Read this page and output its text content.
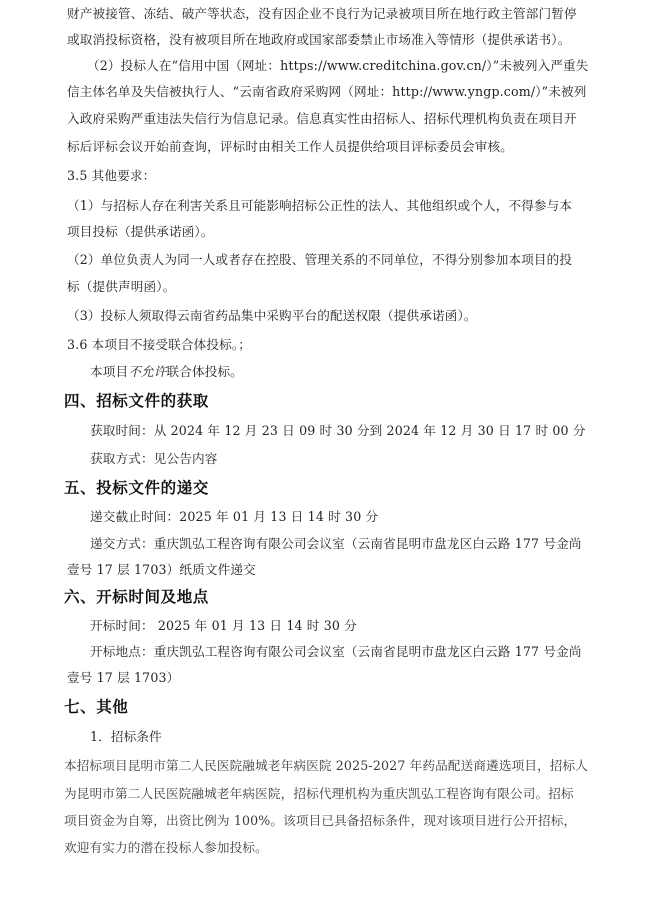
财产被接管、冻结、破产等状态，没有因企业不良行为记录被项目所在地行政主管部门暂停
或取消投标资格，没有被项目所在地政府或国家部委禁止市场准入等情形（提供承诺书）。
（2）投标人在“信用中国（网址：https://www.creditchina.gov.cn/）”未被列入严重失
信主体名单及失信被执行人、“云南省政府采购网（网址：http://www.yngp.com/）”未被列
入政府采购严重违法失信行为信息记录。信息真实性由招标人、招标代理机构负责在项目开
标后评标会议开始前查询，评标时由相关工作人员提供给项目评标委员会审核。
3.5 其他要求：
（1）与招标人存在利害关系且可能影响招标公正性的法人、其他组织或个人，不得参与本
项目投标（提供承诺函）。
（2）单位负责人为同一人或者存在控股、管理关系的不同单位，不得分别参加本项目的投
标（提供声明函）。
（3）投标人须取得云南省药品集中采购平台的配送权限（提供承诺函）。
3.6 本项目不接受联合体投标。；
本项目不允许联合体投标。
四、招标文件的获取
获取时间：从 2024 年 12 月 23 日 09 时 30 分到 2024 年 12 月 30 日 17 时 00 分
获取方式：见公告内容
五、投标文件的递交
递交截止时间：2025 年 01 月 13 日 14 时 30 分
递交方式：重庆凯弘工程咨询有限公司会议室（云南省昆明市盘龙区白云路 177 号金尚
壹号 17 层 1703）纸质文件递交
六、开标时间及地点
开标时间： 2025 年 01 月 13 日 14 时 30 分
开标地点：重庆凯弘工程咨询有限公司会议室（云南省昆明市盘龙区白云路 177 号金尚
壹号 17 层 1703）
七、其他
1．招标条件
本招标项目昆明市第二人民医院融城老年病医院 2025-2027 年药品配送商遴选项目，招标人
为昆明市第二人民医院融城老年病医院，招标代理机构为重庆凯弘工程咨询有限公司。招标
项目资金为自筹，出资比例为 100%。该项目已具备招标条件，现对该项目进行公开招标，
欢迎有实力的潜在投标人参加投标。
